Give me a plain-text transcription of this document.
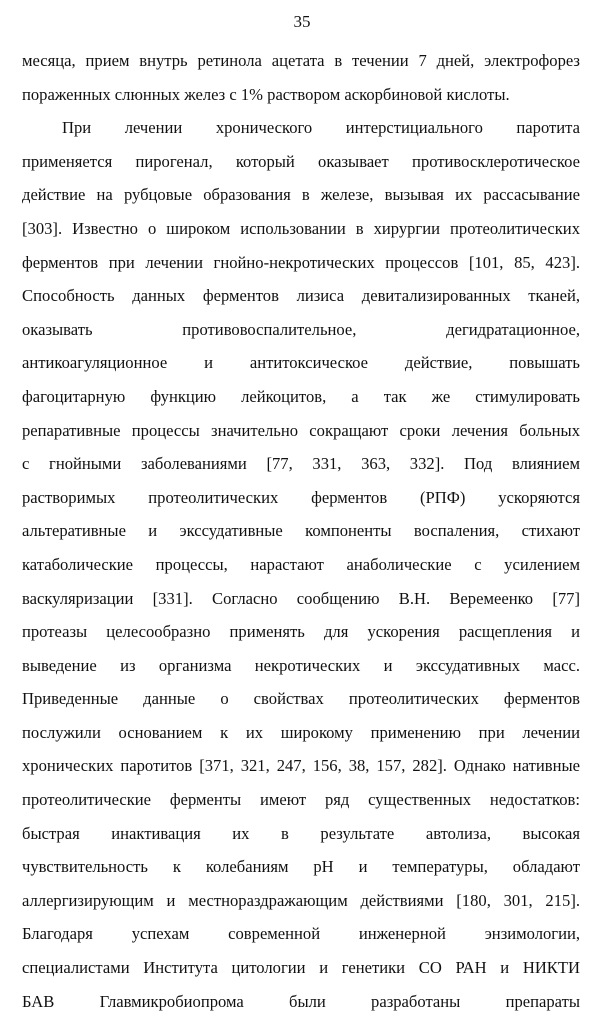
35
месяца, прием внутрь ретинола ацетата в течении 7 дней, электрофорез
пораженных слюнных желез с 1% раствором аскорбиновой кислоты.
При лечении хронического интерстициального паротита
применяется пирогенал, который оказывает противосклеротическое
действие на рубцовые образования в железе, вызывая их рассасывание
[303]. Известно о широком использовании в хирургии протеолитических
ферментов при лечении гнойно-некротических процессов [101, 85, 423].
Способность данных ферментов лизиса девитализированных тканей,
оказывать противовоспалительное, дегидратационное,
антикоагуляционное и антитоксическое действие, повышать
фагоцитарную функцию лейкоцитов, а так же стимулировать
репаративные процессы значительно сокращают сроки лечения больных
с гнойными заболеваниями [77, 331, 363, 332]. Под влиянием
растворимых протеолитических ферментов (РПФ) ускоряются
альтеративные и экссудативные компоненты воспаления, стихают
катаболические процессы, нарастают анаболические с усилением
васкуляризации [331]. Согласно сообщению В.Н. Веремеенко [77]
протеазы целесообразно применять для ускорения расщепления и
выведение из организма некротических и экссудативных масс.
Приведенные данные о свойствах протеолитических ферментов
послужили основанием к их широкому применению при лечении
хронических паротитов [371, 321, 247, 156, 38, 157, 282]. Однако нативные
протеолитические ферменты имеют ряд существенных недостатков:
быстрая инактивация их в результате автолиза, высокая
чувствительность к колебаниям pH и температуры, обладают
аллергизирующим и местнораздражающим действиями [180, 301, 215].
Благодаря успехам современной инженерной энзимологии,
специалистами Института цитологии и генетики СО РАН и НИКТИ
БАВ Главмикробиопрома были разработаны препараты
